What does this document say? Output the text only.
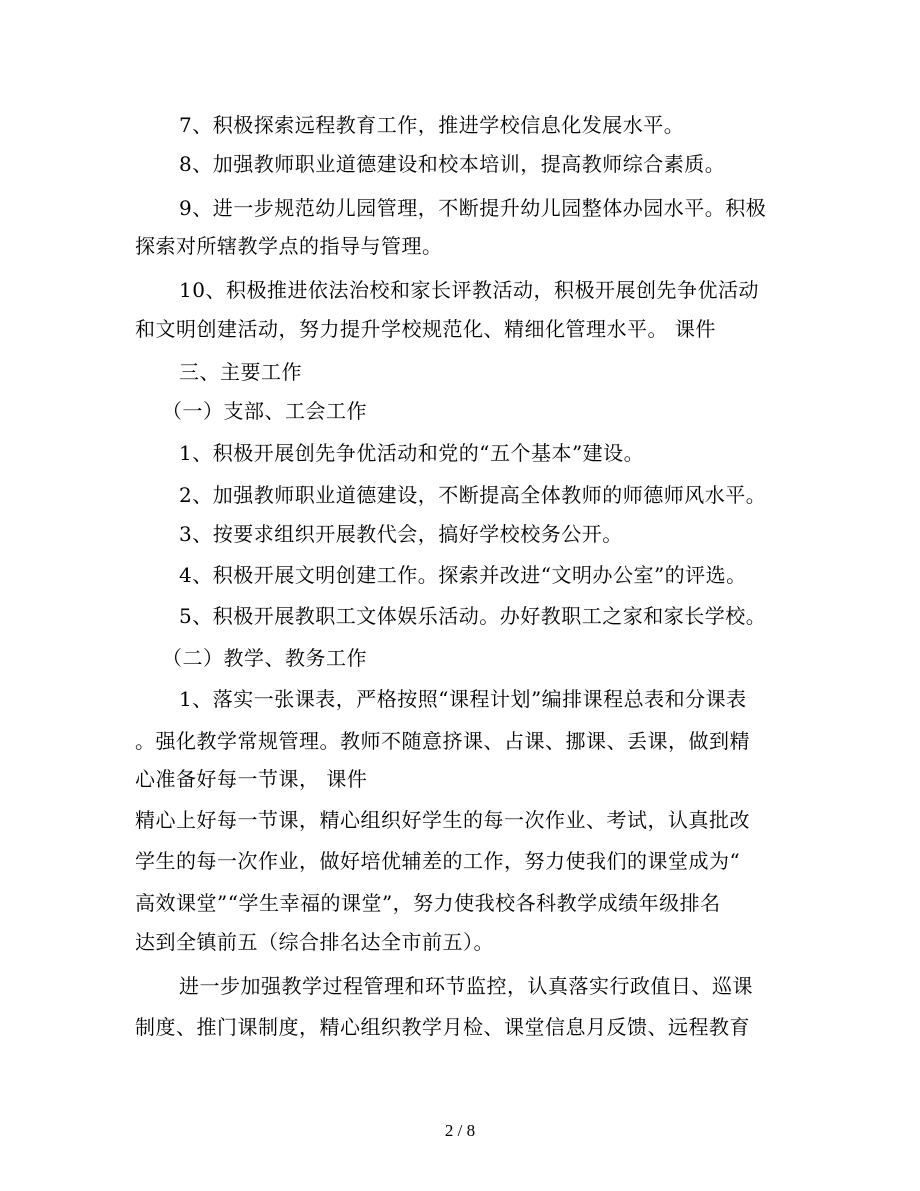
7、积极探索远程教育工作，推进学校信息化发展水平。
8、加强教师职业道德建设和校本培训，提高教师综合素质。
9、进一步规范幼儿园管理，不断提升幼儿园整体办园水平。积极
探索对所辖教学点的指导与管理。
10、积极推进依法治校和家长评教活动，积极开展创先争优活动
和文明创建活动，努力提升学校规范化、精细化管理水平。 课件
三、主要工作
（一）支部、工会工作
1、积极开展创先争优活动和党的“五个基本”建设。
2、加强教师职业道德建设，不断提高全体教师的师德师风水平。
3、按要求组织开展教代会，搞好学校校务公开。
4、积极开展文明创建工作。探索并改进“文明办公室”的评选。
5、积极开展教职工文体娱乐活动。办好教职工之家和家长学校。
（二）教学、教务工作
1、落实一张课表，严格按照“课程计划”编排课程总表和分课表
。强化教学常规管理。教师不随意挤课、占课、挪课、丢课，做到精
心准备好每一节课， 课件
精心上好每一节课，精心组织好学生的每一次作业、考试，认真批改
学生的每一次作业，做好培优辅差的工作，努力使我们的课堂成为“
高效课堂”“学生幸福的课堂”，努力使我校各科教学成绩年级排名
达到全镇前五（综合排名达全市前五）。
进一步加强教学过程管理和环节监控，认真落实行政值日、巡课
制度、推门课制度，精心组织教学月检、课堂信息月反馈、远程教育
2 / 8
